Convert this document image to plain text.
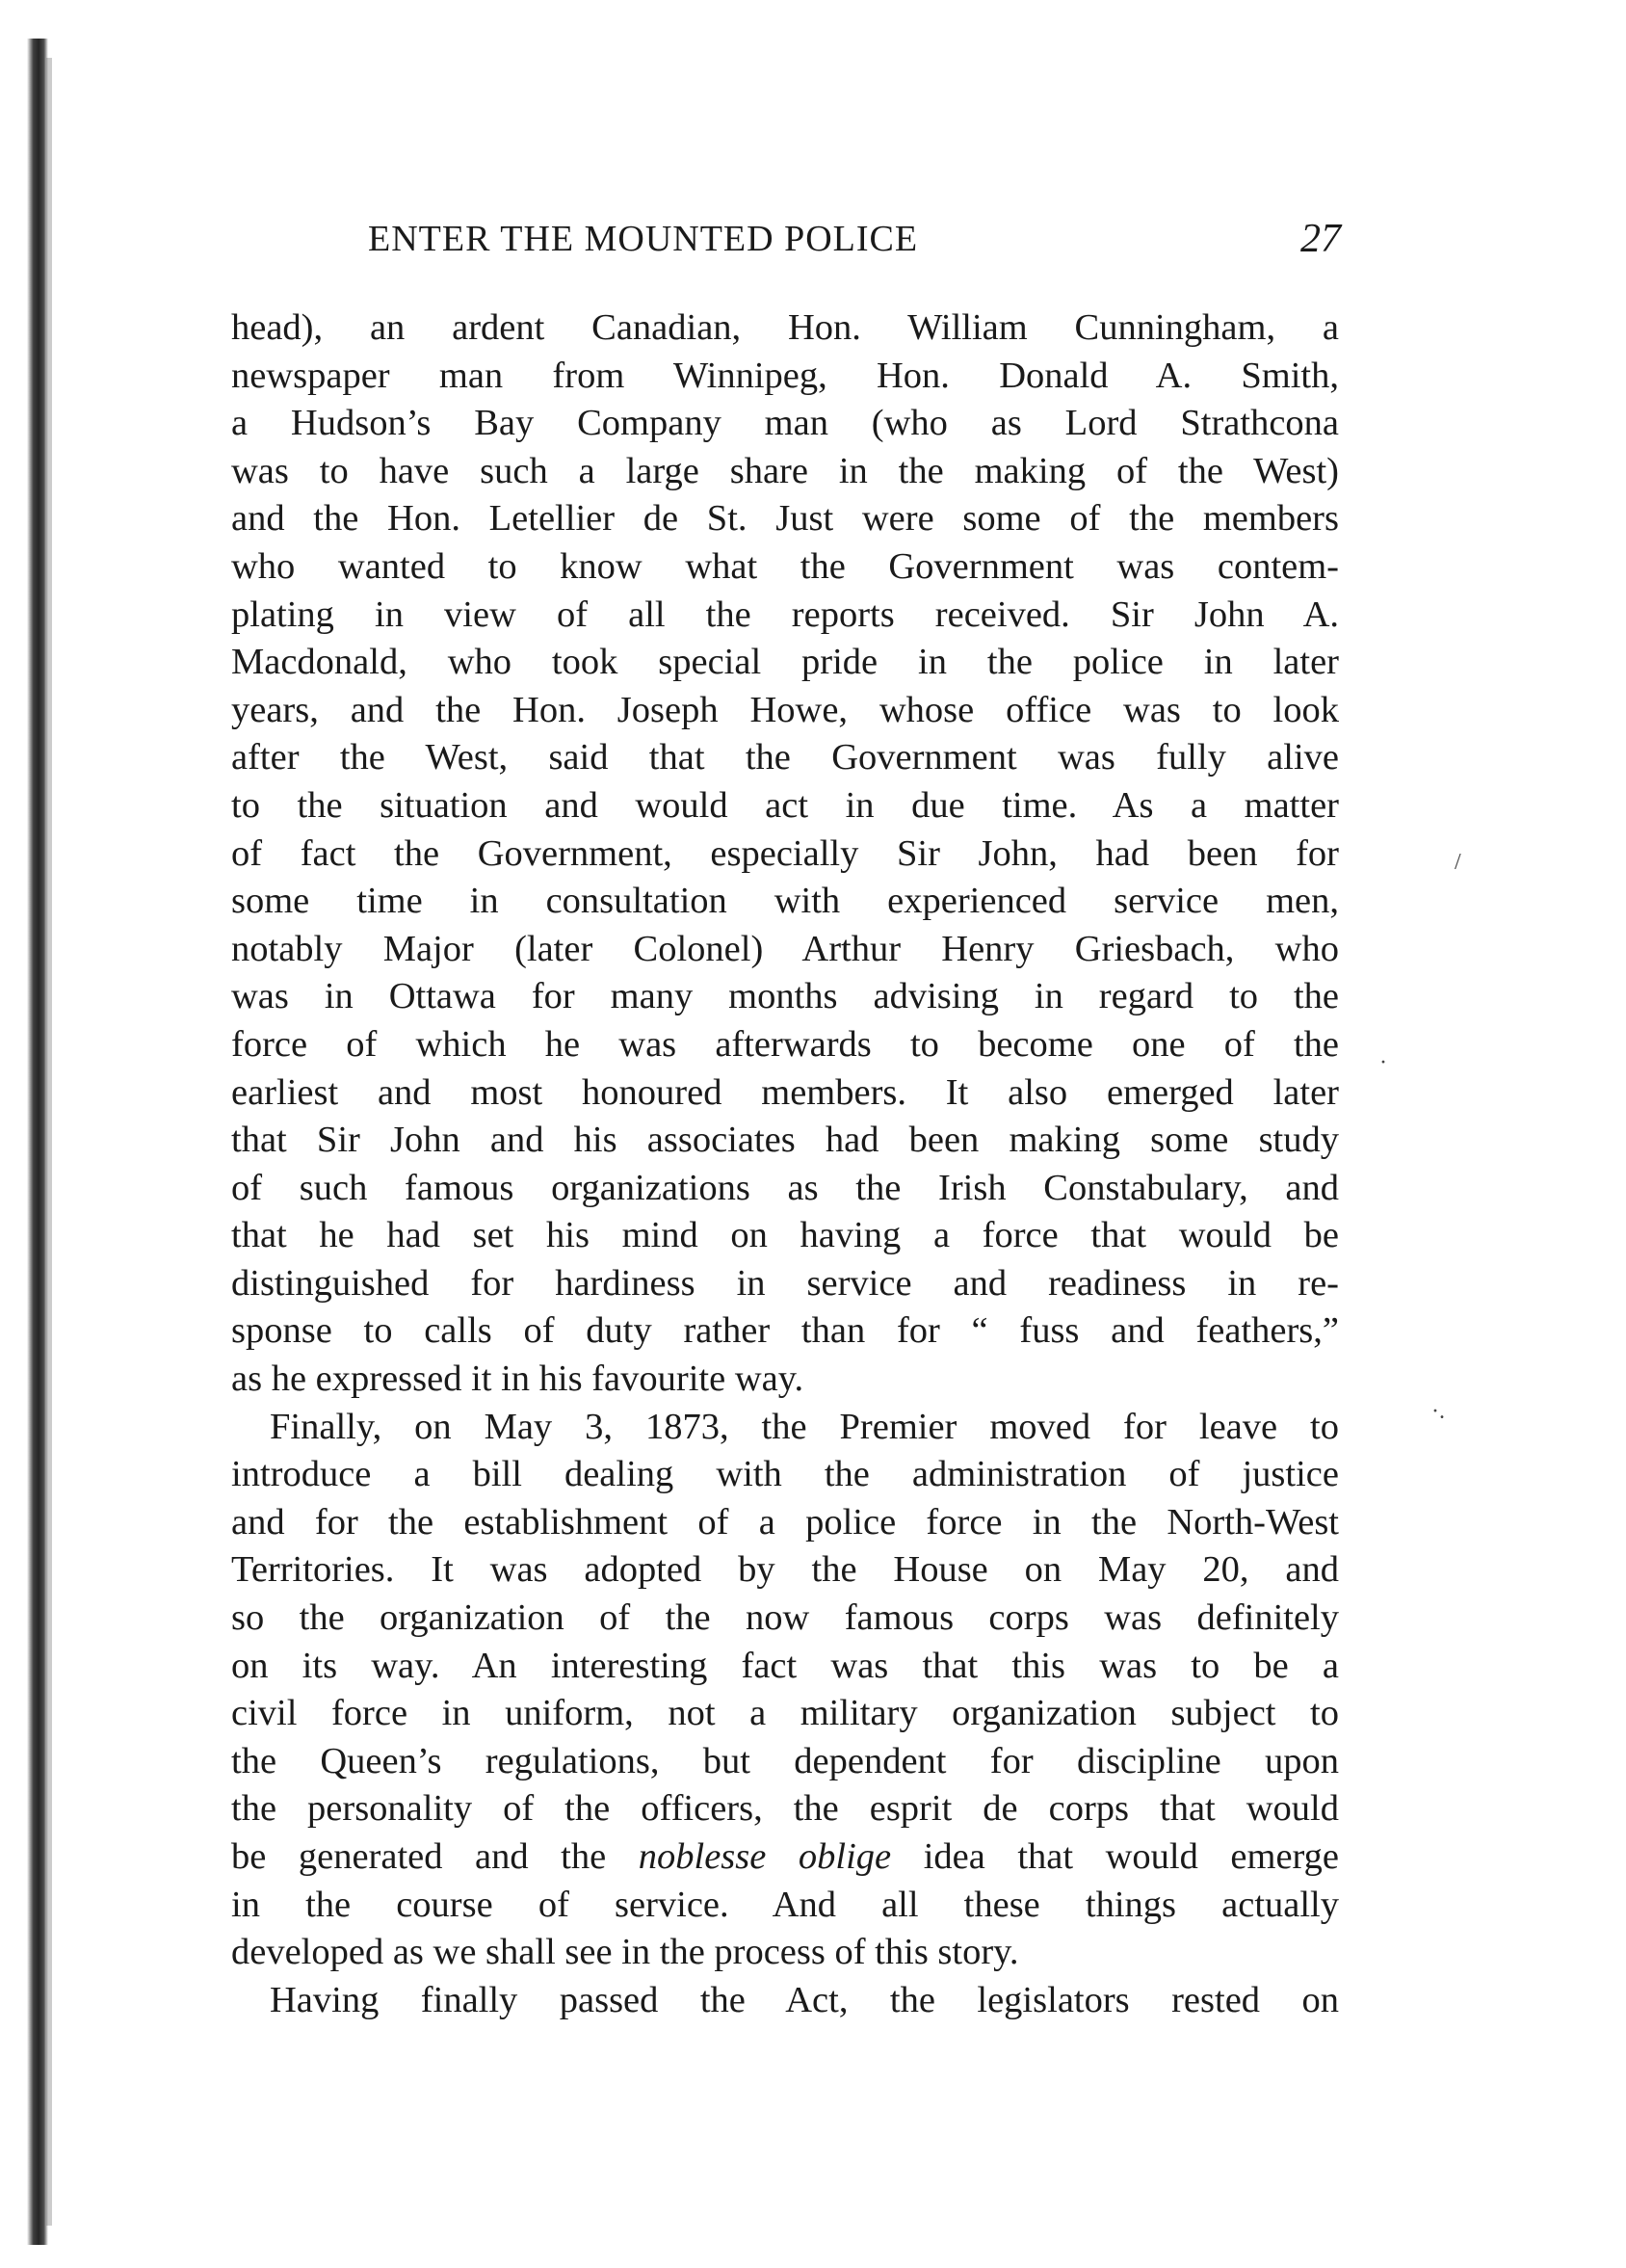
ENTER THE MOUNTED POLICE	27
head), an ardent Canadian, Hon. William Cunningham, a
newspaper man from Winnipeg, Hon. Donald A. Smith,
a Hudson’s Bay Company man (who as Lord Strathcona
was to have such a large share in the making of the West)
and the Hon. Letellier de St. Just were some of the members
who wanted to know what the Government was contem-
plating in view of all the reports received. Sir John A.
Macdonald, who took special pride in the police in later
years, and the Hon. Joseph Howe, whose office was to look
after the West, said that the Government was fully alive
to the situation and would act in due time. As a matter
of fact the Government, especially Sir John, had been for
some time in consultation with experienced service men,
notably Major (later Colonel) Arthur Henry Griesbach, who
was in Ottawa for many months advising in regard to the
force of which he was afterwards to become one of the
earliest and most honoured members. It also emerged later
that Sir John and his associates had been making some study
of such famous organizations as the Irish Constabulary, and
that he had set his mind on having a force that would be
distinguished for hardiness in service and readiness in re-
sponse to calls of duty rather than for “ fuss and feathers,”
as he expressed it in his favourite way.
Finally, on May 3, 1873, the Premier moved for leave to
introduce a bill dealing with the administration of justice
and for the establishment of a police force in the North-West
Territories. It was adopted by the House on May 20, and
so the organization of the now famous corps was definitely
on its way. An interesting fact was that this was to be a
civil force in uniform, not a military organization subject to
the Queen’s regulations, but dependent for discipline upon
the personality of the officers, the esprit de corps that would
be generated and the noblesse oblige idea that would emerge
in the course of service. And all these things actually
developed as we shall see in the process of this story.
Having finally passed the Act, the legislators rested on
/
·.
·
